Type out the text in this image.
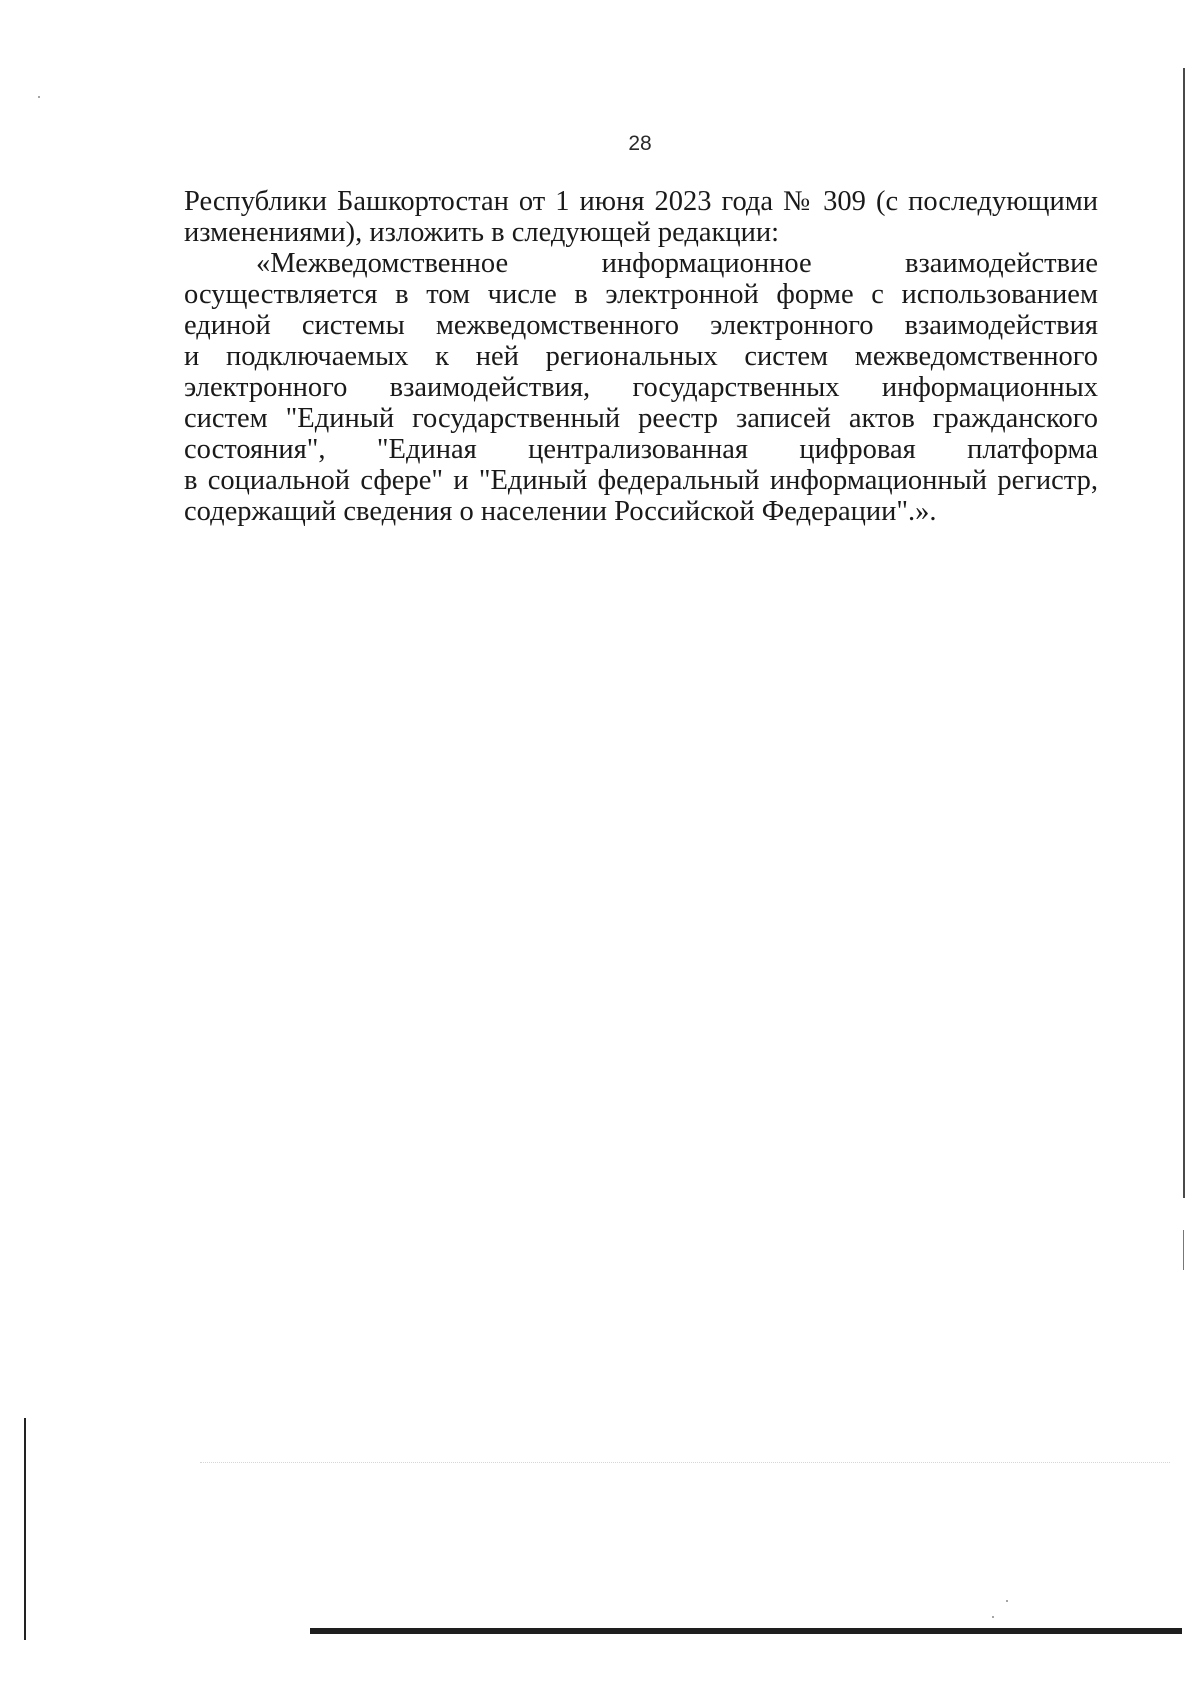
28
Республики Башкортостан от 1 июня 2023 года № 309 (с последующими
изменениями), изложить в следующей редакции:
«Межведомственное информационное взаимодействие
осуществляется в том числе в электронной форме с использованием
единой системы межведомственного электронного взаимодействия
и подключаемых к ней региональных систем межведомственного
электронного взаимодействия, государственных информационных
систем "Единый государственный реестр записей актов гражданского
состояния", "Единая централизованная цифровая платформа
в социальной сфере" и "Единый федеральный информационный регистр,
содержащий сведения о населении Российской Федерации".».
